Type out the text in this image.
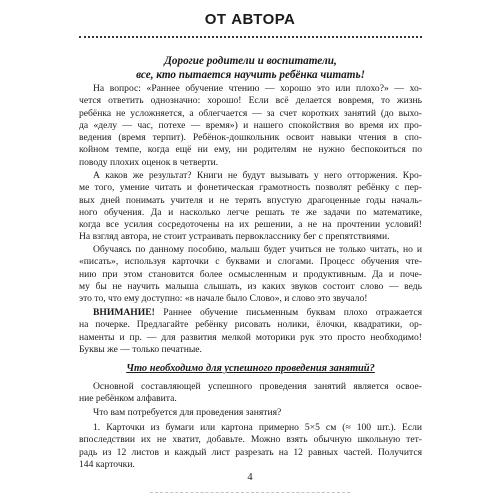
ОТ АВТОРА
Дорогие родители и воспитатели,
все, кто пытается научить ребёнка читать!
На вопрос: «Раннее обучение чтению — хорошо это или плохо?» — хо-
чется ответить однозначно: хорошо! Если всё делается вовремя, то жизнь
ребёнка не усложняется, а облегчается — за счет коротких занятий (до выхо-
да «делу — час, потехе — время») и нашего спокойствия во время их про-
ведения (время терпит). Ребёнок-дошкольник освоит навыки чтения в спо-
койном темпе, когда ещё ни ему, ни родителям не нужно беспокоиться по
поводу плохих оценок в четверти.
А каков же результат? Книги не будут вызывать у него отторжения. Кро-
ме того, умение читать и фонетическая грамотность позволят ребёнку с пер-
вых дней понимать учителя и не терять впустую драгоценные годы началь-
ного обучения. Да и насколько легче решать те же задачи по математике,
когда все усилия сосредоточены на их решении, а не на прочтении условий!
На взгляд автора, не стоит устраивать первокласснику бег с препятствиями.
Обучаясь по данному пособию, малыш будет учиться не только читать, но и
«писать», используя карточки с буквами и слогами. Процесс обучения чте-
нию при этом становится более осмысленным и продуктивным. Да и поче-
му бы не научить малыша слышать, из каких звуков состоит слово — ведь
это то, что ему доступно: «в начале было Слово», и слово это звучало!
ВНИМАНИЕ! Раннее обучение письменным буквам плохо отражается
на почерке. Предлагайте ребёнку рисовать нолики, ёлочки, квадратики, ор-
наменты и пр. — для развития мелкой моторики рук это просто необходимо!
Буквы же — только печатные.
Что необходимо для успешного проведения занятий?
Основной составляющей успешного проведения занятий является освое-
ние ребёнком алфавита.
Что вам потребуется для проведения занятия?
1. Карточки из бумаги или картона примерно 5×5 см (≈ 100 шт.). Если
впоследствии их не хватит, добавьте. Можно взять обычную школьную тет-
радь из 12 листов и каждый лист разрезать на 12 равных частей. Получится
144 карточки.
4
